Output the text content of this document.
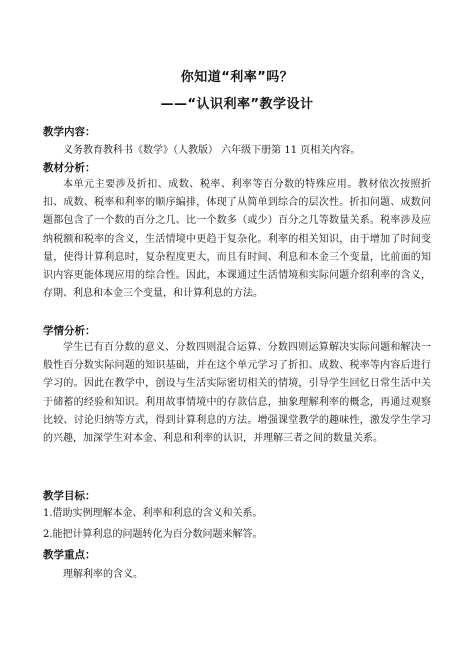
你知道“利率”吗？
——“认识利率”教学设计
教学内容：

义务教育教科书《数学》（人教版） 六年级下册第 11 页相关内容。

教材分析：

本单元主要涉及折扣、成数、税率、利率等百分数的特殊应用。教材依次按照折扣、成数、税率和利率的顺序编排，体现了从简单到综合的层次性。折扣问题、成数问题都包含了一个数的百分之几、比一个数多（或少）百分之几等数量关系。税率涉及应纳税额和税率的含义，生活情境中更趋于复杂化。利率的相关知识，由于增加了时间变量，使得计算利息时，复杂程度更大，而且有时间、利息和本金三个变量，比前面的知识内容更能体现应用的综合性。因此，本课通过生活情境和实际问题介绍利率的含义，存期、利息和本金三个变量，和计算利息的方法。

学情分析：

学生已有百分数的意义、分数四则混合运算、分数四则运算解决实际问题和解决一般性百分数实际问题的知识基础，并在这个单元学习了折扣、成数、税率等内容后进行学习的。因此在教学中，创设与生活实际密切相关的情境，引导学生回忆日常生活中关于储蓄的经验和知识。利用故事情境中的存款信息，抽象理解利率的概念，再通过观察比较、讨论归纳等方式，得到计算利息的方法。增强课堂教学的趣味性，激发学生学习的兴趣，加深学生对本金、利息和利率的认识，并理解三者之间的数量关系。

教学目标：

1.借助实例理解本金、利率和利息的含义和关系。

2.能把计算利息的问题转化为百分数问题来解答。

教学重点：

理解利率的含义。
